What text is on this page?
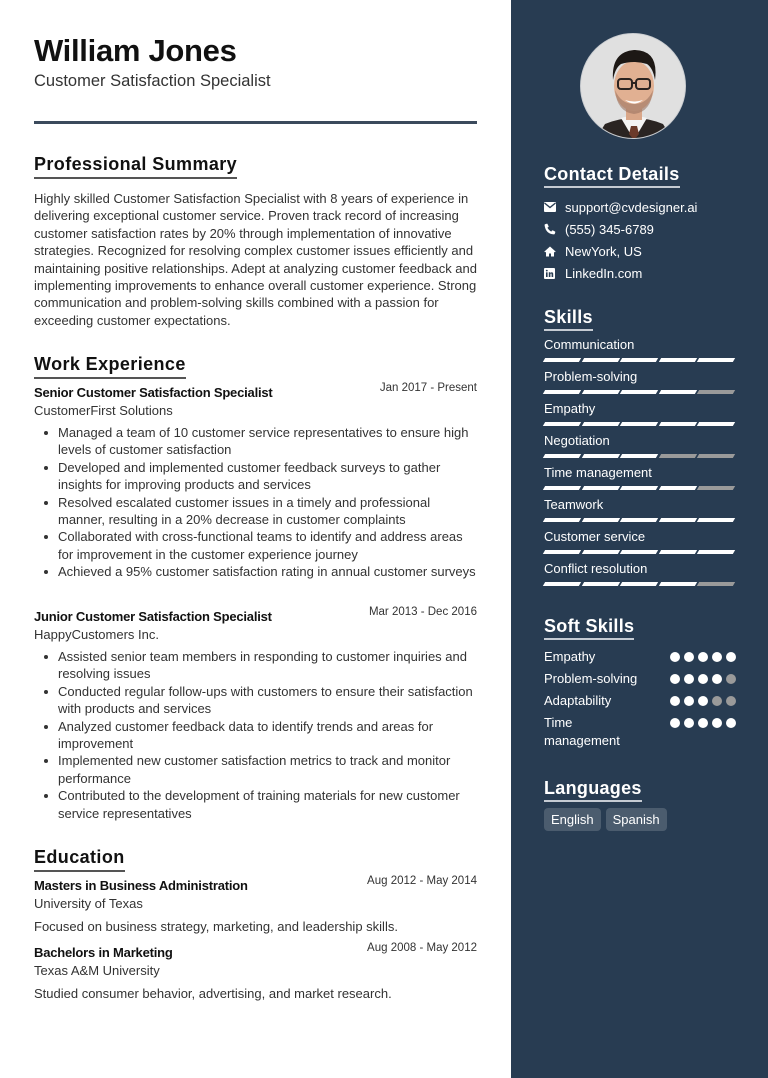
William Jones
Customer Satisfaction Specialist
Professional Summary
Highly skilled Customer Satisfaction Specialist with 8 years of experience in delivering exceptional customer service. Proven track record of increasing customer satisfaction rates by 20% through implementation of innovative strategies. Recognized for resolving complex customer issues efficiently and maintaining positive relationships. Adept at analyzing customer feedback and implementing improvements to enhance overall customer experience. Strong communication and problem-solving skills combined with a passion for exceeding customer expectations.
Work Experience
Senior Customer Satisfaction Specialist	Jan 2017 - Present
CustomerFirst Solutions
Managed a team of 10 customer service representatives to ensure high levels of customer satisfaction
Developed and implemented customer feedback surveys to gather insights for improving products and services
Resolved escalated customer issues in a timely and professional manner, resulting in a 20% decrease in customer complaints
Collaborated with cross-functional teams to identify and address areas for improvement in the customer experience journey
Achieved a 95% customer satisfaction rating in annual customer surveys
Junior Customer Satisfaction Specialist	Mar 2013 - Dec 2016
HappyCustomers Inc.
Assisted senior team members in responding to customer inquiries and resolving issues
Conducted regular follow-ups with customers to ensure their satisfaction with products and services
Analyzed customer feedback data to identify trends and areas for improvement
Implemented new customer satisfaction metrics to track and monitor performance
Contributed to the development of training materials for new customer service representatives
Education
Masters in Business Administration	Aug 2012 - May 2014
University of Texas
Focused on business strategy, marketing, and leadership skills.
Bachelors in Marketing	Aug 2008 - May 2012
Texas A&M University
Studied consumer behavior, advertising, and market research.
Contact Details
support@cvdesigner.ai
(555) 345-6789
NewYork, US
LinkedIn.com
Skills
Communication
Problem-solving
Empathy
Negotiation
Time management
Teamwork
Customer service
Conflict resolution
Soft Skills
Empathy
Problem-solving
Adaptability
Time management
Languages
English	Spanish
